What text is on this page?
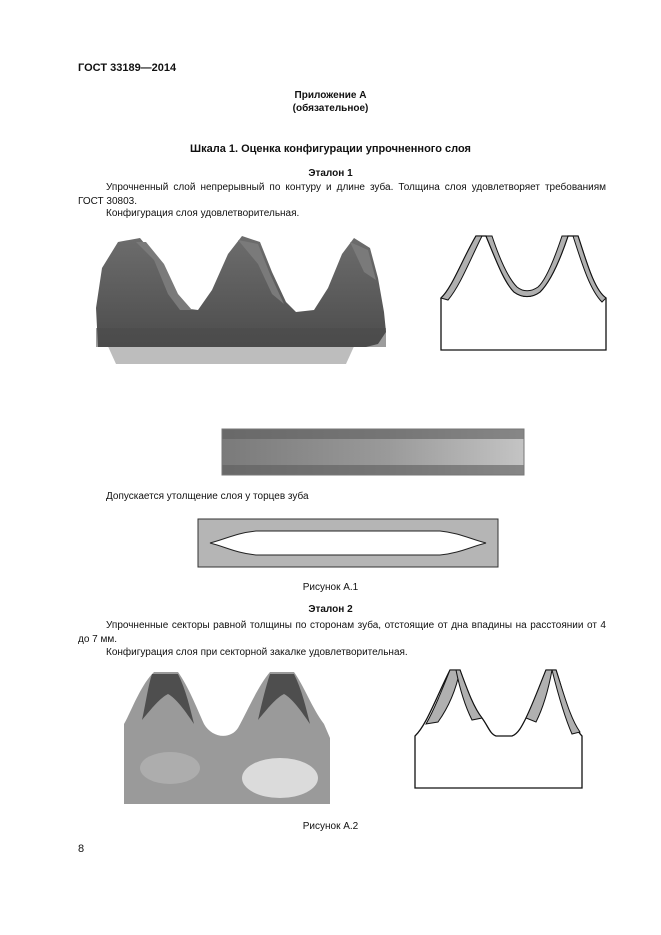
ГОСТ 33189—2014
Приложение А
(обязательное)
Шкала 1. Оценка конфигурации упрочненного слоя
Эталон 1
Упрочненный слой непрерывный по контуру и длине зуба. Толщина слоя удовлетворяет требованиям ГОСТ 30803.
Конфигурация слоя удовлетворительная.
Допускается утолщение слоя у торцев зуба
Рисунок А.1
Эталон 2
Упрочненные секторы равной толщины по сторонам зуба, отстоящие от дна впадины на расстоянии от 4 до 7 мм.
Конфигурация слоя при секторной закалке удовлетворительная.
Рисунок А.2
8
